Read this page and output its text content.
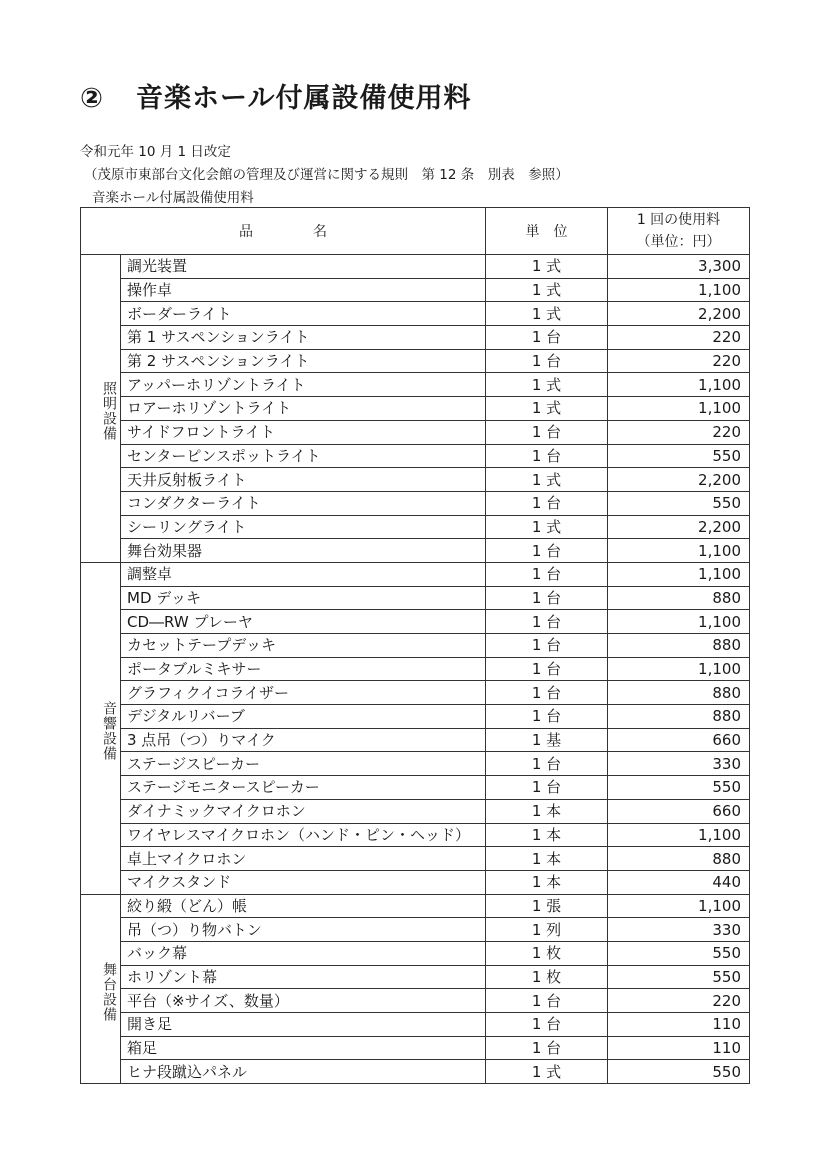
② 音楽ホール付属設備使用料
令和元年 10 月 1 日改定
（茂原市東部台文化会館の管理及び運営に関する規則　第 12 条　別表　参照）
音楽ホール付属設備使用料
品名		単位	1 回の使用料
（単位：円）

照明設備	調光装置	1 式	3,300
	操作卓	1 式	1,100
	ボーダーライト	1 式	2,200
	第 1 サスペンションライト	1 台	220
	第 2 サスペンションライト	1 台	220
	アッパーホリゾントライト	1 式	1,100
	ロアーホリゾントライト	1 式	1,100
	サイドフロントライト	1 台	220
	センターピンスポットライト	1 台	550
	天井反射板ライト	1 式	2,200
	コンダクターライト	1 台	550
	シーリングライト	1 式	2,200
	舞台効果器	1 台	1,100
音響設備	調整卓	1 台	1,100
	MD デッキ	1 台	880
	CD―RW プレーヤ	1 台	1,100
	カセットテープデッキ	1 台	880
	ポータブルミキサー	1 台	1,100
	グラフィクイコライザー	1 台	880
	デジタルリバーブ	1 台	880
	3 点吊（つ）りマイク	1 基	660
	ステージスピーカー	1 台	330
	ステージモニタースピーカー	1 台	550
	ダイナミックマイクロホン	1 本	660
	ワイヤレスマイクロホン（ハンド・ピン・ヘッド）	1 本	1,100
	卓上マイクロホン	1 本	880
	マイクスタンド	1 本	440
舞台設備	絞り緞（どん）帳	1 張	1,100
	吊（つ）り物バトン	1 列	330
	バック幕	1 枚	550
	ホリゾント幕	1 枚	550
	平台（※サイズ、数量）	1 台	220
	開き足	1 台	110
	箱足	1 台	110
	ヒナ段蹴込パネル	1 式	550
